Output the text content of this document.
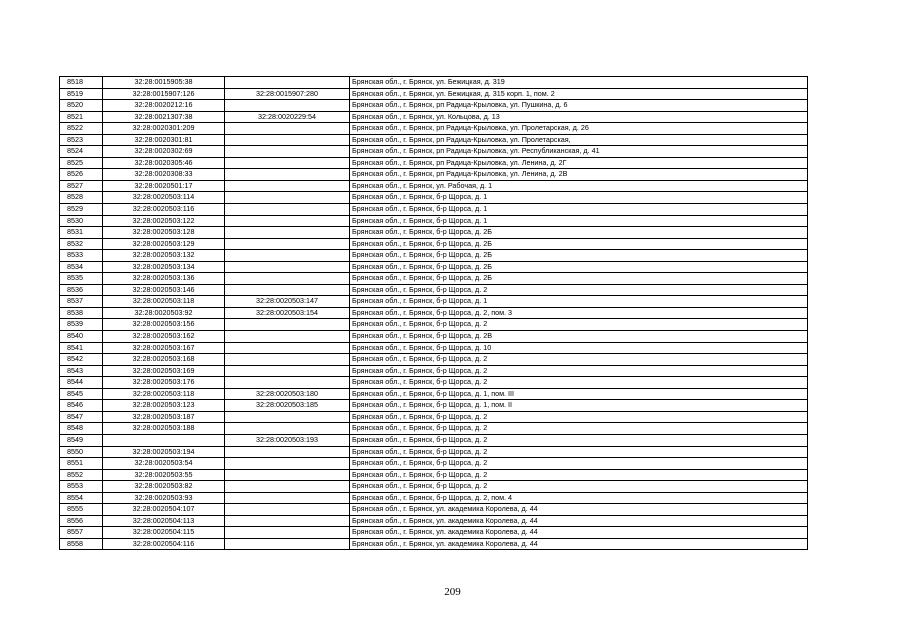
8518	32:28:0015905:38		Брянская обл., г. Брянск, ул. Бежицкая, д. 319
8519	32:28:0015907:126	32:28:0015907:280	Брянская обл., г. Брянск, ул. Бежицкая, д. 315 корп. 1, пом. 2
8520	32:28:0020212:16		Брянская обл., г. Брянск, рп Радица-Крыловка, ул. Пушкина, д. 6
8521	32:28:0021307:38	32:28:0020229:54	Брянская обл., г. Брянск, ул. Кольцова, д. 13
8522	32:28:0020301:209		Брянская обл., г. Брянск, рп Радица-Крыловка, ул. Пролетарская, д. 26
8523	32:28:0020301:81		Брянская обл., г. Брянск, рп Радица-Крыловка, ул. Пролетарская,
8524	32:28:0020302:69		Брянская обл., г. Брянск, рп Радица-Крыловка, ул. Республиканская, д. 41
8525	32:28:0020305:46		Брянская обл., г. Брянск, рп Радица-Крыловка, ул. Ленина, д. 2Г
8526	32:28:0020308:33		Брянская обл., г. Брянск, рп Радица-Крыловка, ул. Ленина, д. 2В
8527	32:28:0020501:17		Брянская обл., г. Брянск, ул. Рабочая, д. 1
8528	32:28:0020503:114		Брянская обл., г. Брянск, б-р Щорса, д. 1
8529	32:28:0020503:116		Брянская обл., г. Брянск, б-р Щорса, д. 1
8530	32:28:0020503:122		Брянская обл., г. Брянск, б-р Щорса, д. 1
8531	32:28:0020503:128		Брянская обл., г. Брянск, б-р Щорса, д. 2Б
8532	32:28:0020503:129		Брянская обл., г. Брянск, б-р Щорса, д. 2Б
8533	32:28:0020503:132		Брянская обл., г. Брянск, б-р Щорса, д. 2Б
8534	32:28:0020503:134		Брянская обл., г. Брянск, б-р Щорса, д. 2Б
8535	32:28:0020503:136		Брянская обл., г. Брянск, б-р Щорса, д. 2Б
8536	32:28:0020503:146		Брянская обл., г. Брянск, б-р Щорса, д. 2
8537	32:28:0020503:118	32:28:0020503:147	Брянская обл., г. Брянск, б-р Щорса, д. 1
8538	32:28:0020503:92	32:28:0020503:154	Брянская обл., г. Брянск, б-р Щорса, д. 2, пом. 3
8539	32:28:0020503:156		Брянская обл., г. Брянск, б-р Щорса, д. 2
8540	32:28:0020503:162		Брянская обл., г. Брянск, б-р Щорса, д. 2В
8541	32:28:0020503:167		Брянская обл., г. Брянск, б-р Щорса, д. 10
8542	32:28:0020503:168		Брянская обл., г. Брянск, б-р Щорса, д. 2
8543	32:28:0020503:169		Брянская обл., г. Брянск, б-р Щорса, д. 2
8544	32:28:0020503:176		Брянская обл., г. Брянск, б-р Щорса, д. 2
8545	32:28:0020503:118	32:28:0020503:180	Брянская обл., г. Брянск, б-р Щорса, д. 1, пом. III
8546	32:28:0020503:123	32:28:0020503:185	Брянская обл., г. Брянск, б-р Щорса, д. 1, пом. II
8547	32:28:0020503:187		Брянская обл., г. Брянск, б-р Щорса, д. 2
8548	32:28:0020503:188		Брянская обл., г. Брянск, б-р Щорса, д. 2
8549		32:28:0020503:193	Брянская обл., г. Брянск, б-р Щорса, д. 2
8550	32:28:0020503:194		Брянская обл., г. Брянск, б-р Щорса, д. 2
8551	32:28:0020503:54		Брянская обл., г. Брянск, б-р Щорса, д. 2
8552	32:28:0020503:55		Брянская обл., г. Брянск, б-р Щорса, д. 2
8553	32:28:0020503:82		Брянская обл., г. Брянск, б-р Щорса, д. 2
8554	32:28:0020503:93		Брянская обл., г. Брянск, б-р Щорса, д. 2, пом. 4
8555	32:28:0020504:107		Брянская обл., г. Брянск, ул. академика Королева, д. 44
8556	32:28:0020504:113		Брянская обл., г. Брянск, ул. академика Королева, д. 44
8557	32:28:0020504:115		Брянская обл., г. Брянск, ул. академика Королева, д. 44
8558	32:28:0020504:116		Брянская обл., г. Брянск, ул. академика Королева, д. 44
209
